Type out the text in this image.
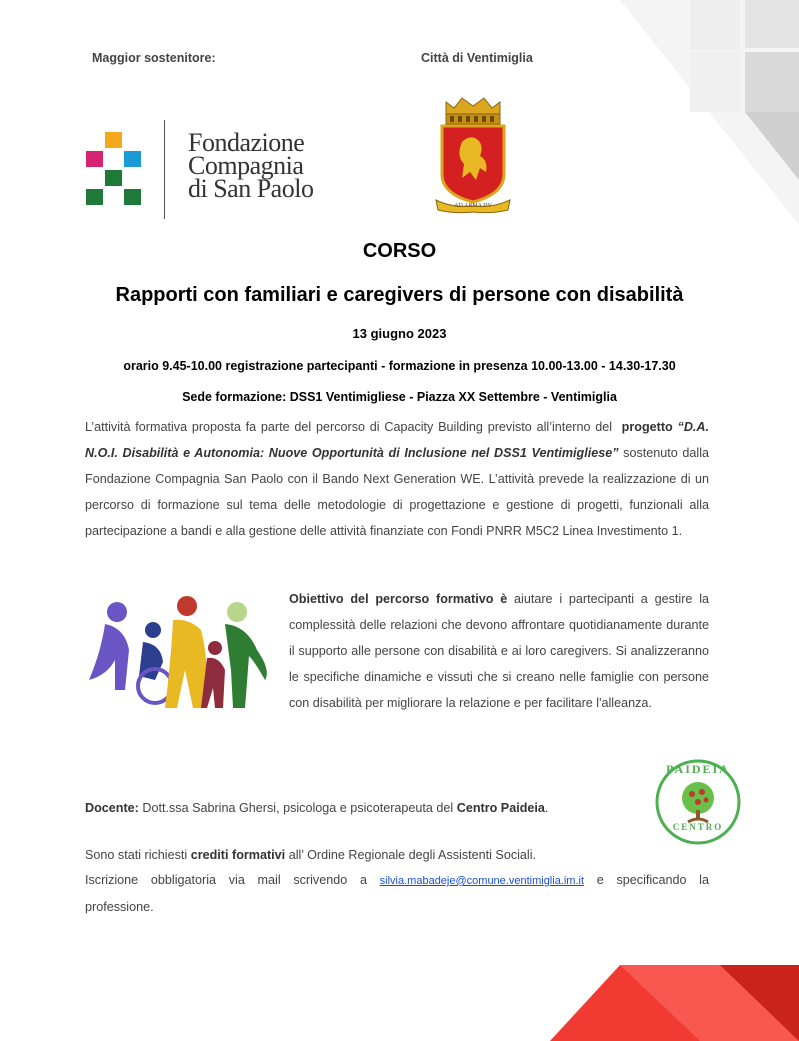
Maggior sostenitore:	Città di Ventimiglia
Fondazione
Compagnia
di San Paolo
AD ARMA DV
CORSO
Rapporti con familiari e caregivers di persone con disabilità
13 giugno 2023
orario 9.45-10.00 registrazione partecipanti - formazione in presenza 10.00-13.00 - 14.30-17.30
Sede formazione: DSS1 Ventimigliese - Piazza XX Settembre - Ventimiglia
L’attività formativa proposta fa parte del percorso di Capacity Building previsto all’interno del progetto “D.A. N.O.I. Disabilità e Autonomia: Nuove Opportunità di Inclusione nel DSS1 Ventimigliese” sostenuto dalla Fondazione Compagnia San Paolo con il Bando Next Generation WE. L’attività prevede la realizzazione di un percorso di formazione sul tema delle metodologie di progettazione e gestione di progetti, funzionali alla partecipazione a bandi e alla gestione delle attività finanziate con Fondi PNRR M5C2 Linea Investimento 1.
Obiettivo del percorso formativo è aiutare i partecipanti a gestire la complessità delle relazioni che devono affrontare quotidianamente durante il supporto alle persone con disabilità e ai loro caregivers. Si analizzeranno le specifiche dinamiche e vissuti che si creano nelle famiglie con persone con disabilità per migliorare la relazione e per facilitare l'alleanza.
PAIDEIA
CENTRO
Docente: Dott.ssa Sabrina Ghersi, psicologa e psicoterapeuta del Centro Paideia.
Sono stati richiesti crediti formativi all’ Ordine Regionale degli Assistenti Sociali.
Iscrizione obbligatoria via mail scrivendo a silvia.mabadeje@comune.ventimiglia.im.it e specificando la professione.
